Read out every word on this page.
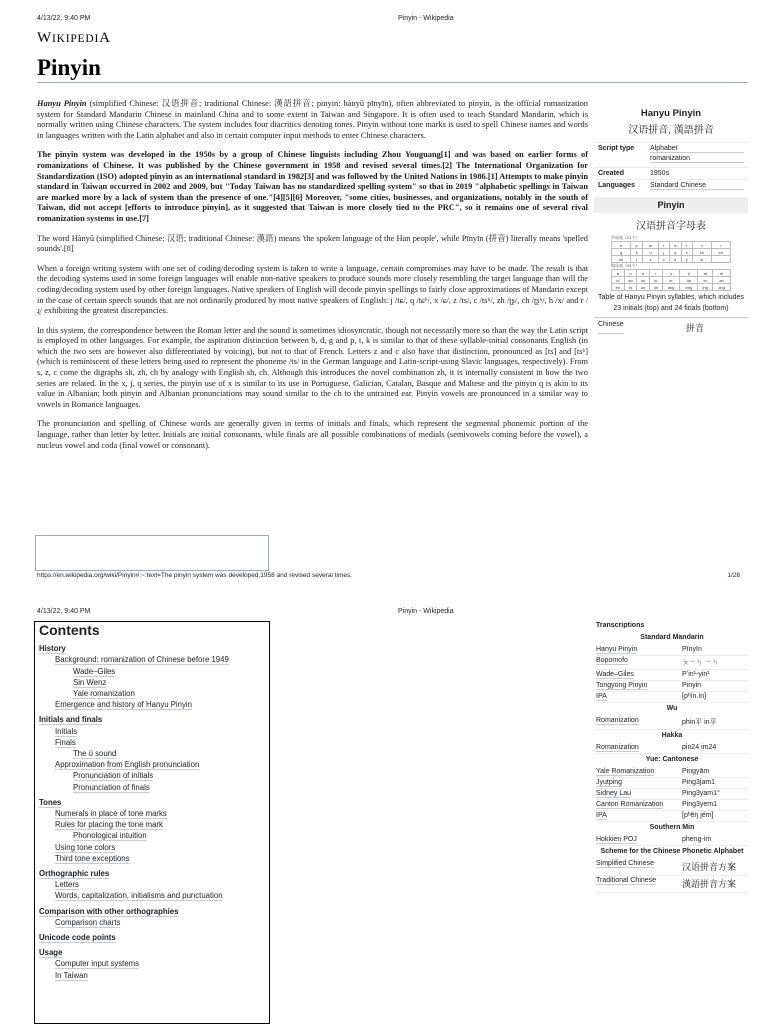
4/13/22, 9:40 PM	Pinyin - Wikipedia
WIKIPEDIA
Pinyin

Hanyu Pinyin (simplified Chinese: 汉语拼音; traditional Chinese: 漢語拼音; pinyin: hànyǔ pīnyīn), often abbreviated to pinyin, is the official romanization system for Standard Mandarin Chinese in mainland China and to some extent in Taiwan and Singapore. It is often used to teach Standard Mandarin, which is normally written using Chinese characters. The system includes four diacritics denoting tones. Pinyin without tone marks is used to spell Chinese names and words in languages written with the Latin alphabet and also in certain computer input methods to enter Chinese characters.

The pinyin system was developed in the 1950s by a group of Chinese linguists including Zhou Youguang[1] and was based on earlier forms of romanizations of Chinese. It was published by the Chinese government in 1958 and revised several times.[2] The International Organization for Standardization (ISO) adopted pinyin as an international standard in 1982[3] and was followed by the United Nations in 1986.[1] Attempts to make pinyin standard in Taiwan occurred in 2002 and 2009, but "Today Taiwan has no standardized spelling system" so that in 2019 "alphabetic spellings in Taiwan are marked more by a lack of system than the presence of one."[4][5][6] Moreover, "some cities, businesses, and organizations, notably in the south of Taiwan, did not accept [efforts to introduce pinyin], as it suggested that Taiwan is more closely tied to the PRC", so it remains one of several rival romanization systems in use.[7]

The word Hànyǔ (simplified Chinese: 汉语; traditional Chinese: 漢語) means 'the spoken language of the Han people', while Pīnyīn (拼音) literally means 'spelled sounds'.[8]

When a foreign writing system with one set of coding/decoding system is taken to write a language, certain compromises may have to be made. The result is that the decoding systems used in some foreign languages will enable non-native speakers to produce sounds more closely resembling the target language than will the coding/decoding system used by other foreign languages. Native speakers of English will decode pinyin spellings to fairly close approximations of Mandarin except in the case of certain speech sounds that are not ordinarily produced by most native speakers of English: j /tɕ/, q /tɕʰ/, x /ɕ/, z /ts/, c /tsʰ/, zh /ʈʂ/, ch /ʈʂʰ/, h /x/ and r /ɻ/ exhibiting the greatest discrepancies.

In this system, the correspondence between the Roman letter and the sound is sometimes idiosyncratic, though not necessarily more so than the way the Latin script is employed in other languages. For example, the aspiration distinction between b, d, g and p, t, k is similar to that of these syllable-initial consonants English (in which the two sets are however also differentiated by voicing), but not to that of French. Letters z and c also have that distinction, pronounced as [ts] and [tsʰ] (which is reminiscent of these letters being used to represent the phoneme /ts/ in the German language and Latin-script-using Slavic languages, respectively). From s, z, c come the digraphs sh, zh, ch by analogy with English sh, ch. Although this introduces the novel combination zh, it is internally consistent in how the two series are related. In the x, j, q series, the pinyin use of x is similar to its use in Portuguese, Galician, Catalan, Basque and Maltese and the pinyin q is akin to its value in Albanian; both pinyin and Albanian pronunciations may sound similar to the ch to the untrained ear. Pinyin vowels are pronounced in a similar way to vowels in Romance languages.

The pronunciation and spelling of Chinese words are generally given in terms of initials and finals, which represent the segmental phonemic portion of the language, rather than letter by letter. Initials are initial consonants, while finals are all possible combinations of medials (semivowels coming before the vowel), a nucleus vowel and coda (final vowel or consonant).

Hanyu Pinyin
汉语拼音, 漢語拼音
Script type	Alphabet
romanization
Created	1950s
Languages	Standard Chinese
Pinyin
汉语拼音字母表
声母表（21个）
b	p	m	f	d	t	n	l
g	k	h	j	q	x	zh	ch
sh	r	z	c	s	y	w	
韵母表（24个）
a	o	e	i	u	ü	ai	ei
ui	ao	ou	iu	ie	üe	er	an
en	in	un	ün	ang	eng	ing	ong
Table of Hanyu Pinyin syllables, which includes 23 initials (top) and 24 finals (bottom)
Chinese	拼音
https://en.wikipedia.org/wiki/Pinyin#:~:text=The pinyin system was developed,1958 and revised several times.	1/28
4/13/22, 9:40 PM	Pinyin - Wikipedia
Contents
History
Background: romanization of Chinese before 1949
Wade–Giles
Sin Wenz
Yale romanization
Emergence and history of Hanyu Pinyin
Initials and finals
Initials
Finals
The ü sound
Approximation from English pronunciation
Pronunciation of initials
Pronunciation of finals
Tones
Numerals in place of tone marks
Rules for placing the tone mark
Phonological intuition
Using tone colors
Third tone exceptions
Orthographic rules
Letters
Words, capitalization, initialisms and punctuation
Comparison with other orthographies
Comparison charts
Unicode code points
Usage
Computer input systems
In Taiwan
Transcriptions
Standard Mandarin
Hanyu Pinyin	Pīnyīn
Bopomofo	ㄆㄧㄣ ㄧㄣ
Wade–Giles	Pʻin¹-yin¹
Tongyong Pinyin	Pinyin
IPA	[pʰín.ín]
Wu
Romanization	phin平 in平
Hakka
Romanization	pin24 im24
Yue: Cantonese
Yale Romanization	Pingyām
Jyutping	Ping3jam1
Sidney Lau	Ping3yam1°
Canton Romanization	Ping3yem1
IPA	[pʰēŋ jém]
Southern Min
Hokkien POJ	pheng-im
Scheme for the Chinese Phonetic Alphabet
Simplified Chinese	汉语拼音方案
Traditional Chinese	漢語拼音方案
